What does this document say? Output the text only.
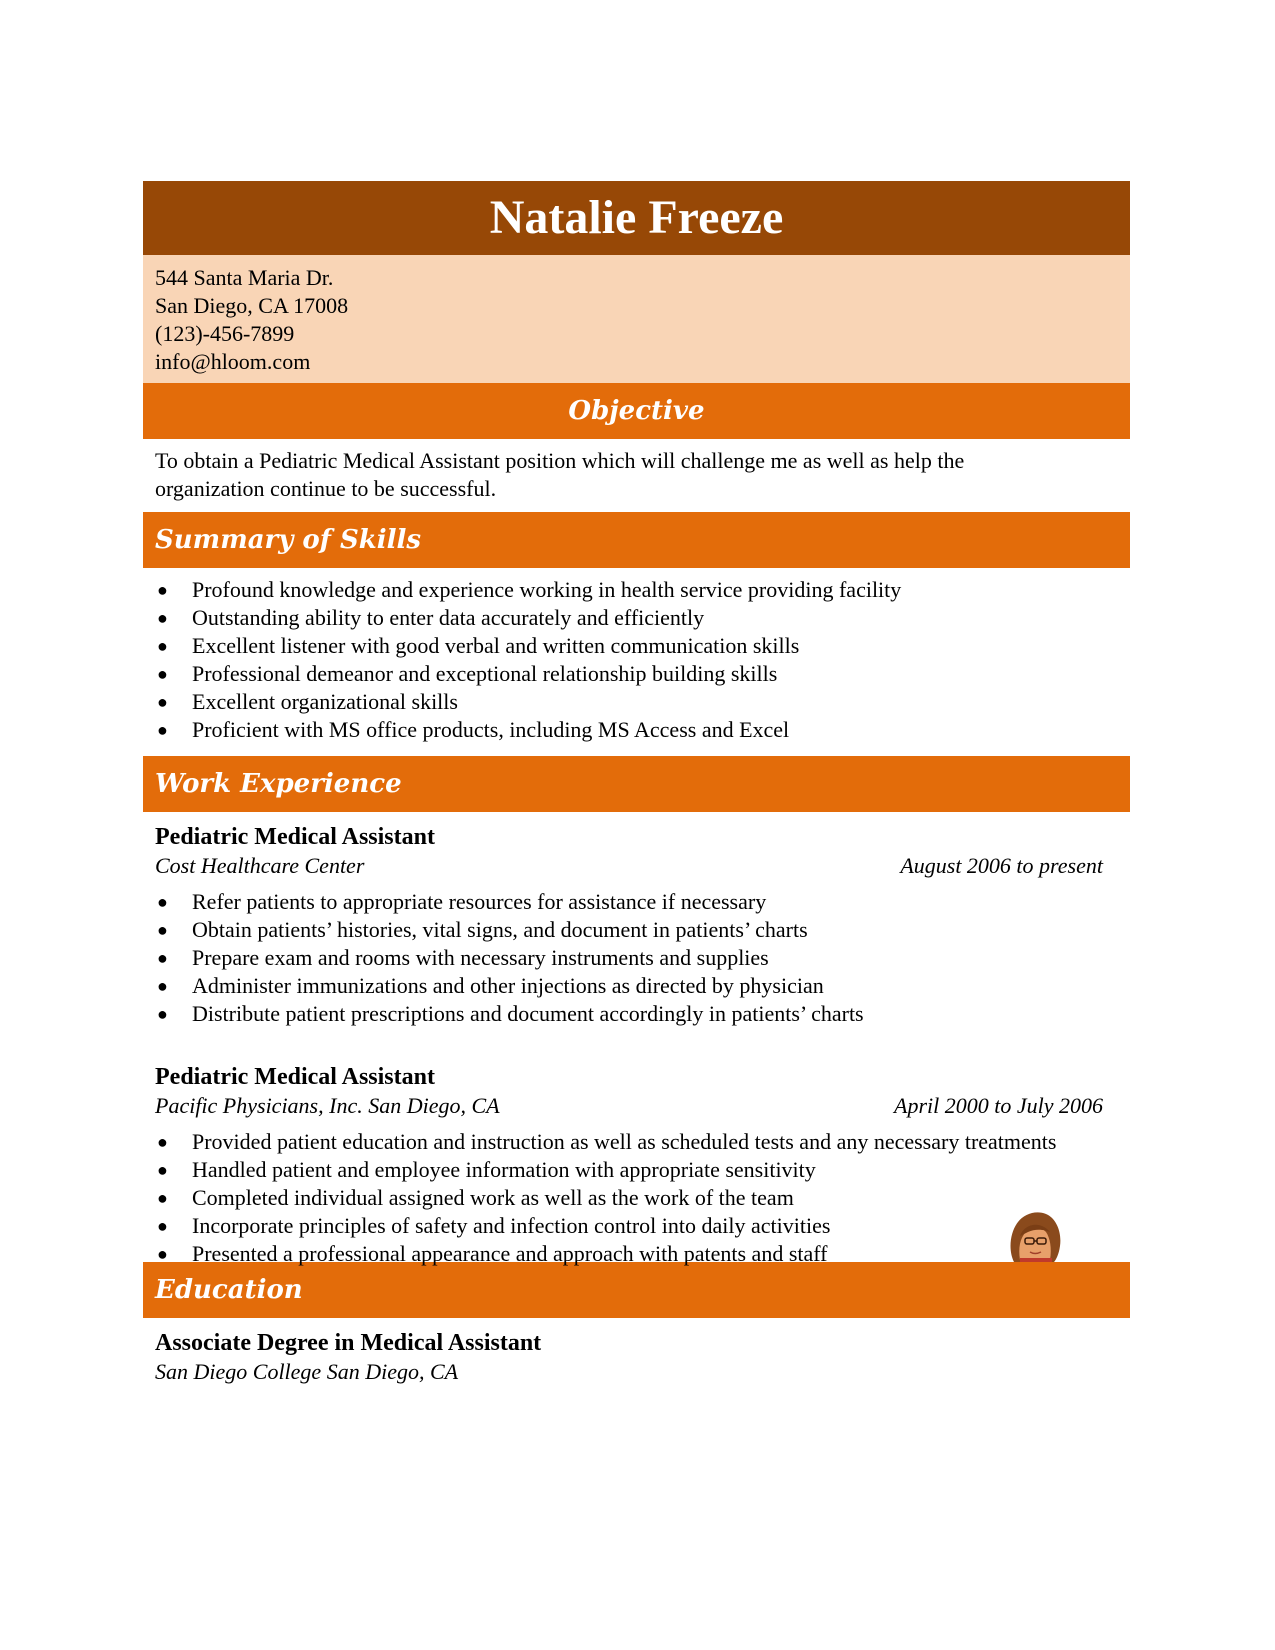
Natalie Freeze
544 Santa Maria Dr.
San Diego, CA 17008
(123)-456-7899
info@hloom.com
Objective
To obtain a Pediatric Medical Assistant position which will challenge me as well as help the
organization continue to be successful.
Summary of Skills
● Profound knowledge and experience working in health service providing facility
● Outstanding ability to enter data accurately and efficiently
● Excellent listener with good verbal and written communication skills
● Professional demeanor and exceptional relationship building skills
● Excellent organizational skills
● Proficient with MS office products, including MS Access and Excel
Work Experience
Pediatric Medical Assistant
Cost Healthcare Center	August 2006 to present
● Refer patients to appropriate resources for assistance if necessary
● Obtain patients’ histories, vital signs, and document in patients’ charts
● Prepare exam and rooms with necessary instruments and supplies
● Administer immunizations and other injections as directed by physician
● Distribute patient prescriptions and document accordingly in patients’ charts
Pediatric Medical Assistant
Pacific Physicians, Inc. San Diego, CA	April 2000 to July 2006
● Provided patient education and instruction as well as scheduled tests and any necessary treatments
● Handled patient and employee information with appropriate sensitivity
● Completed individual assigned work as well as the work of the team
● Incorporate principles of safety and infection control into daily activities
● Presented a professional appearance and approach with patents and staff
Education
Associate Degree in Medical Assistant
San Diego College San Diego, CA
